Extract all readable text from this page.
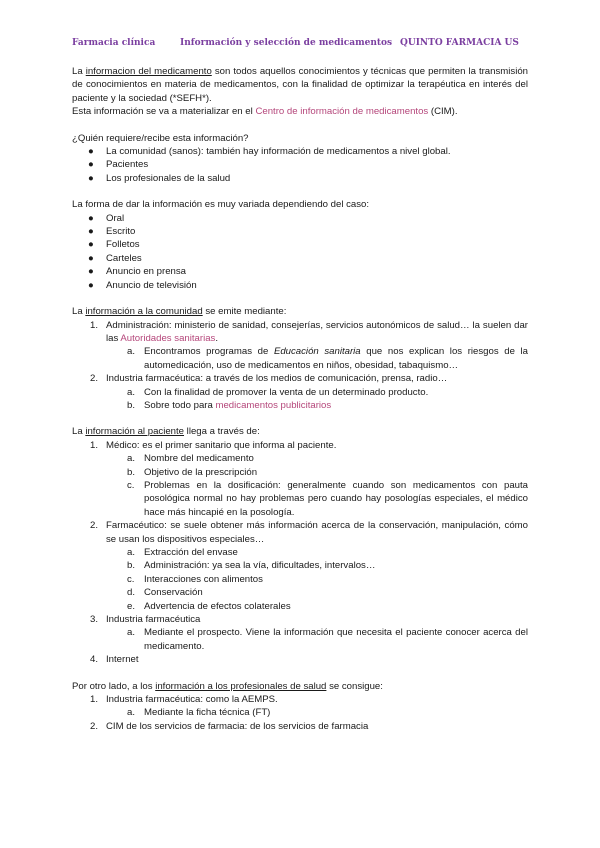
Farmacia clínica	Información y selección de medicamentos QUINTO FARMACIA US

La informacion del medicamento son todos aquellos conocimientos y técnicas que permiten la transmisión de conocimientos en materia de medicamentos, con la finalidad de optimizar la terapéutica en interés del paciente y la sociedad (*SEFH*).

Esta información se va a materializar en el Centro de información de medicamentos (CIM).

¿Quién requiere/recibe esta información?

● La comunidad (sanos): también hay información de medicamentos a nivel global.
● Pacientes
● Los profesionales de la salud

La forma de dar la información es muy variada dependiendo del caso:

● Oral
● Escrito
● Folletos
● Carteles
● Anuncio en prensa
● Anuncio de televisión

La información a la comunidad se emite mediante:

1. Administración: ministerio de sanidad, consejerías, servicios autonómicos de salud… la suelen dar las Autoridades sanitarias.
a. Encontramos programas de Educación sanitaria que nos explican los riesgos de la automedicación, uso de medicamentos en niños, obesidad, tabaquismo…
2. Industria farmacéutica: a través de los medios de comunicación, prensa, radio…
a. Con la finalidad de promover la venta de un determinado producto.
b. Sobre todo para medicamentos publicitarios

La información al paciente llega a través de:

1. Médico: es el primer sanitario que informa al paciente.
a. Nombre del medicamento
b. Objetivo de la prescripción
c. Problemas en la dosificación: generalmente cuando son medicamentos con pauta posológica normal no hay problemas pero cuando hay posologías especiales, el médico hace más hincapié en la posología.
2. Farmacéutico: se suele obtener más información acerca de la conservación, manipulación, cómo se usan los dispositivos especiales…
a. Extracción del envase
b. Administración: ya sea la vía, dificultades, intervalos…
c. Interacciones con alimentos
d. Conservación
e. Advertencia de efectos colaterales
3. Industria farmacéutica
a. Mediante el prospecto. Viene la información que necesita el paciente conocer acerca del medicamento.
4. Internet

Por otro lado, a los información a los profesionales de salud se consigue:

1. Industria farmacéutica: como la AEMPS.
a. Mediante la ficha técnica (FT)
2. CIM de los servicios de farmacia: de los servicios de farmacia
